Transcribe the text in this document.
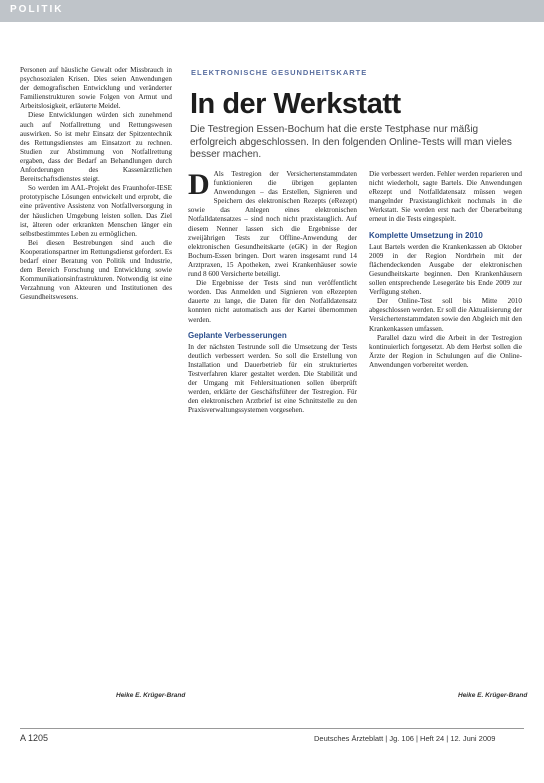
POLITIK

Personen auf häusliche Gewalt oder Missbrauch in psychosozialen Krisen. Dies seien Anwendungen der demografischen Entwicklung und veränderter Familienstrukturen sowie Folgen von Armut und Arbeitslosigkeit, erläuterte Meidel.

Diese Entwicklungen würden sich zunehmend auch auf Notfallrettung und Rettungswesen auswirken. So ist mehr Einsatz der Spitzentechnik des Rettungsdienstes am Einsatzort zu rechnen. Studien zur Abstimmung von Notfallrettung ergaben, dass der Bedarf an Behandlungen durch Anforderungen des Kassenärztlichen Bereitschaftsdienstes steigt.

So werden im AAL-Projekt des Fraunhofer-IESE prototypische Lösungen entwickelt und erprobt, die eine präventive Assistenz von Notfallversorgung in der häuslichen Umgebung leisten sollen. Das Ziel ist, älteren oder erkrankten Menschen länger ein selbstbestimmtes Leben zu ermöglichen.

Bei diesen Bestrebungen sind auch die Kooperationspartner im Rettungsdienst gefordert. Es bedarf einer Beratung von Politik und Industrie, dem Bereich Forschung und Entwicklung sowie Kommunikationsinfrastrukturen. Notwendig ist eine Verzahnung von Akteuren und Institutionen des Gesundheitswesens.

Heike E. Krüger-Brand
ELEKTRONISCHE GESUNDHEITSKARTE
In der Werkstatt
Die Testregion Essen-Bochum hat die erste Testphase nur mäßig erfolgreich abgeschlossen. In den folgenden Online-Tests will man vieles besser machen.

D Als Testregion der Versichertenstammdaten funktionieren die übrigen geplanten Anwendungen – das Erstellen, Signieren und Speichern des elektronischen Rezepts (eRezept) sowie das Anlegen eines elektronischen Notfalldatensatzes – sind noch nicht praxistauglich. Auf diesem Nenner lassen sich die Ergebnisse der zweijährigen Tests zur Offline-Anwendung der elektronischen Gesundheitskarte (eGK) in der Region Bochum-Essen bringen. Dort waren insgesamt rund 14 Arztpraxen, 15 Apotheken, zwei Krankenhäuser sowie rund 8 600 Versicherte beteiligt.

Die Ergebnisse der Tests sind nun veröffentlicht worden. Das Anmelden und Signieren von eRezepten dauerte zu lange, die Daten für den Notfalldatensatz konnten nicht automatisch aus der Kartei übernommen werden.

Geplante Verbesserungen

In der nächsten Testrunde soll die Umsetzung der Tests deutlich verbessert werden. So soll die Erstellung von Installation und Dauerbetrieb für ein strukturiertes Testverfahren klarer gestaltet werden. Die Stabilität und der Umgang mit Fehlersituationen sollen überprüft werden, erklärte der Geschäftsführer der Testregion. Für den elektronischen Arztbrief ist eine Schnittstelle zu den Praxisverwaltungssystemen vorgesehen.

Die verbessert werden. Fehler werden reparieren und nicht wiederholt, sagte Bartels. Die Anwendungen eRezept und Notfalldatensatz müssen wegen mangelnder Praxistauglichkeit nochmals in die Werkstatt. Sie werden erst nach der Überarbeitung erneut in die Tests eingespielt.

Komplette Umsetzung in 2010

Laut Bartels werden die Krankenkassen ab Oktober 2009 in der Region Nordrhein mit der flächendeckenden Ausgabe der elektronischen Gesundheitskarte beginnen. Den Krankenhäusern sollen entsprechende Lesegeräte bis Ende 2009 zur Verfügung stehen.

Der Online-Test soll bis Mitte 2010 abgeschlossen werden. Er soll die Aktualisierung der Versichertenstammdaten sowie den Abgleich mit den Krankenkassen umfassen.

Parallel dazu wird die Arbeit in der Testregion kontinuierlich fortgesetzt. Ab dem Herbst sollen die Ärzte der Region in Schulungen auf die Online-Anwendungen vorbereitet werden.

Heike E. Krüger-Brand
A 1205	Deutsches Ärzteblatt | Jg. 106 | Heft 24 | 12. Juni 2009
